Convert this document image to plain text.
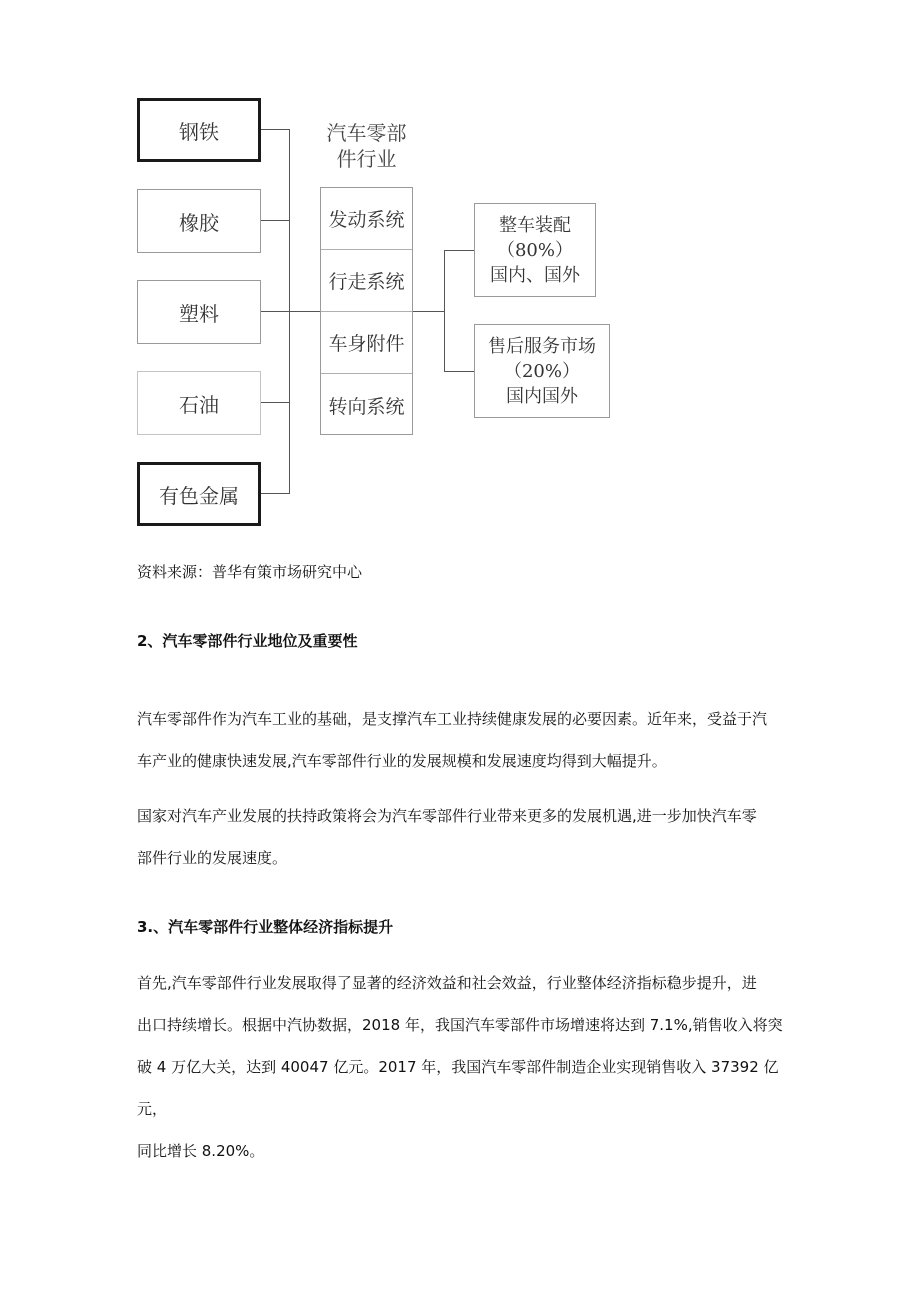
钢铁
橡胶
塑料
石油
有色金属
汽车零部
件行业
发动系统
行走系统
车身附件
转向系统
整车装配
（80%）
国内、国外
售后服务市场
（20%）
国内国外
资料来源：普华有策市场研究中心
2、汽车零部件行业地位及重要性
汽车零部件作为汽车工业的基础，是支撑汽车工业持续健康发展的必要因素。近年来，受益于汽
车产业的健康快速发展,汽车零部件行业的发展规模和发展速度均得到大幅提升。
国家对汽车产业发展的扶持政策将会为汽车零部件行业带来更多的发展机遇,进一步加快汽车零
部件行业的发展速度。
3.、汽车零部件行业整体经济指标提升
首先,汽车零部件行业发展取得了显著的经济效益和社会效益，行业整体经济指标稳步提升，进
出口持续增长。根据中汽协数据，2018 年，我国汽车零部件市场增速将达到 7.1%,销售收入将突
破 4 万亿大关，达到 40047 亿元。2017 年，我国汽车零部件制造企业实现销售收入 37392 亿元，
同比增长 8.20%。
